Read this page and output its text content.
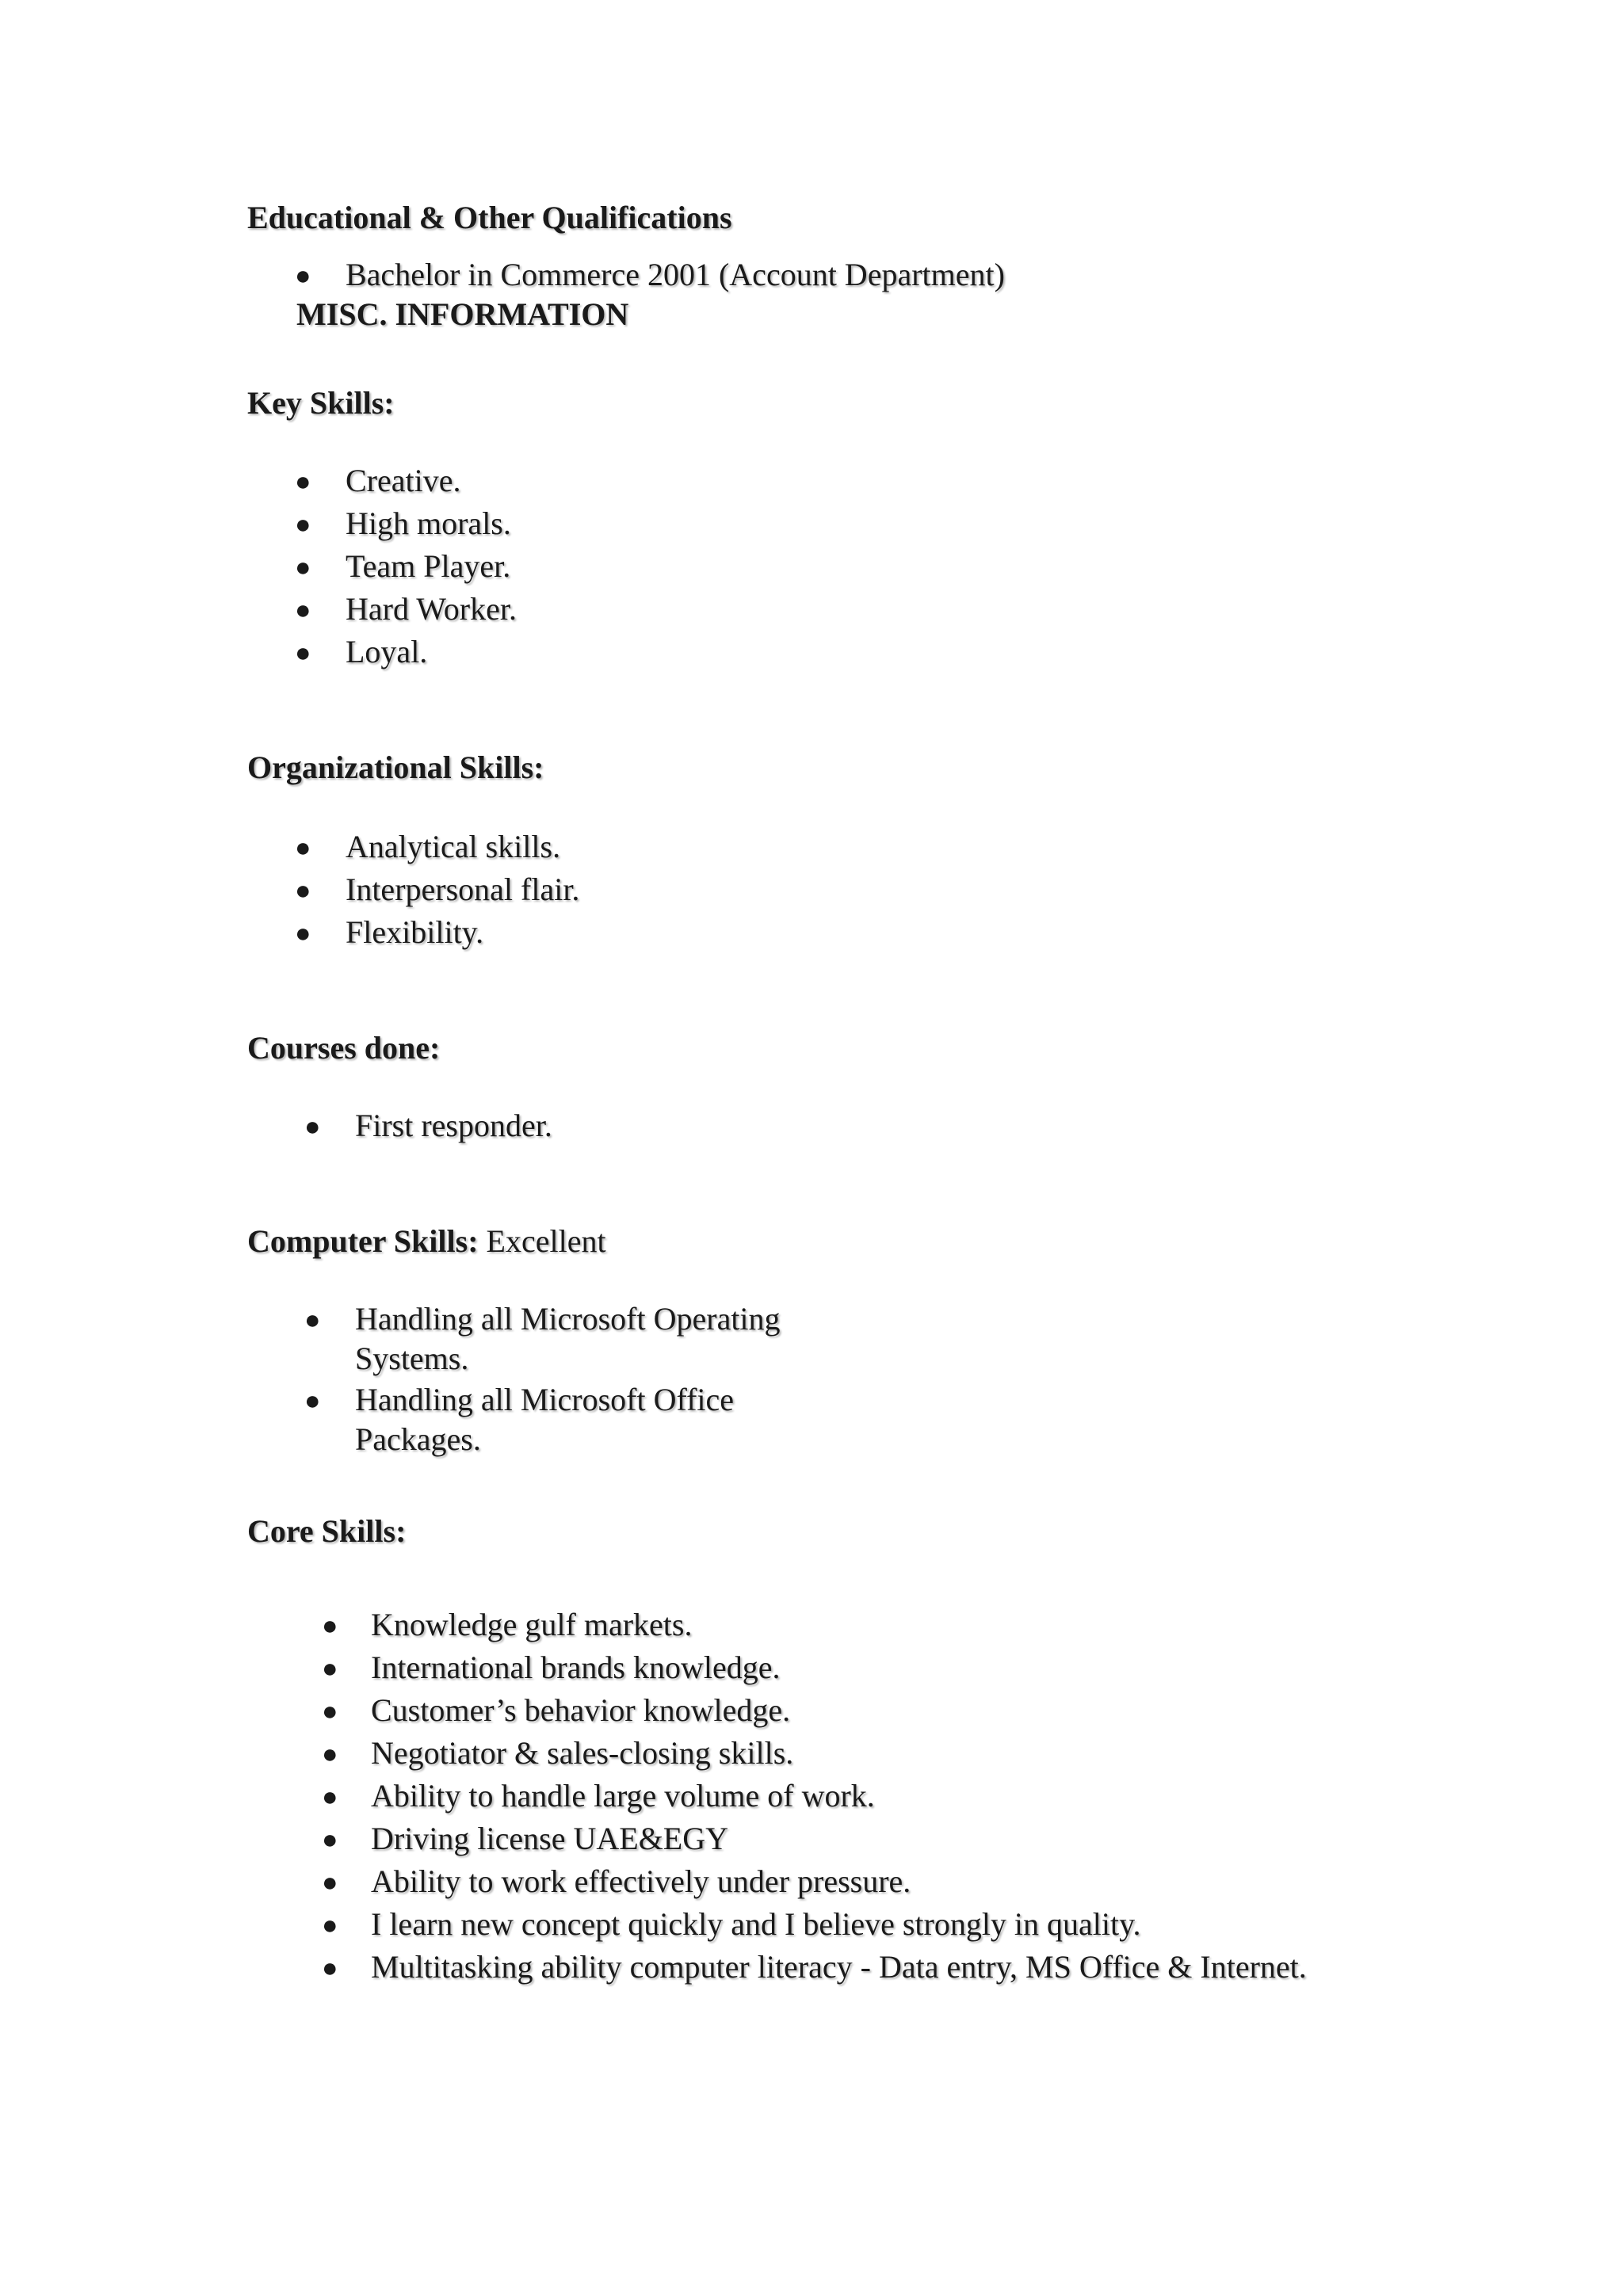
Educational & Other Qualifications
● Bachelor in Commerce 2001 (Account Department)
MISC. INFORMATION
Key Skills:
● Creative.
● High morals.
● Team Player.
● Hard Worker.
● Loyal.
Organizational Skills:
● Analytical skills.
● Interpersonal flair.
● Flexibility.
Courses done:
● First responder.
Computer Skills: Excellent
● Handling all Microsoft Operating
Systems.
● Handling all Microsoft Office
Packages.
Core Skills:
● Knowledge gulf markets.
● International brands knowledge.
● Customer’s behavior knowledge.
● Negotiator & sales-closing skills.
● Ability to handle large volume of work.
● Driving license UAE&EGY
● Ability to work effectively under pressure.
● I learn new concept quickly and I believe strongly in quality.
● Multitasking ability computer literacy - Data entry, MS Office & Internet.
